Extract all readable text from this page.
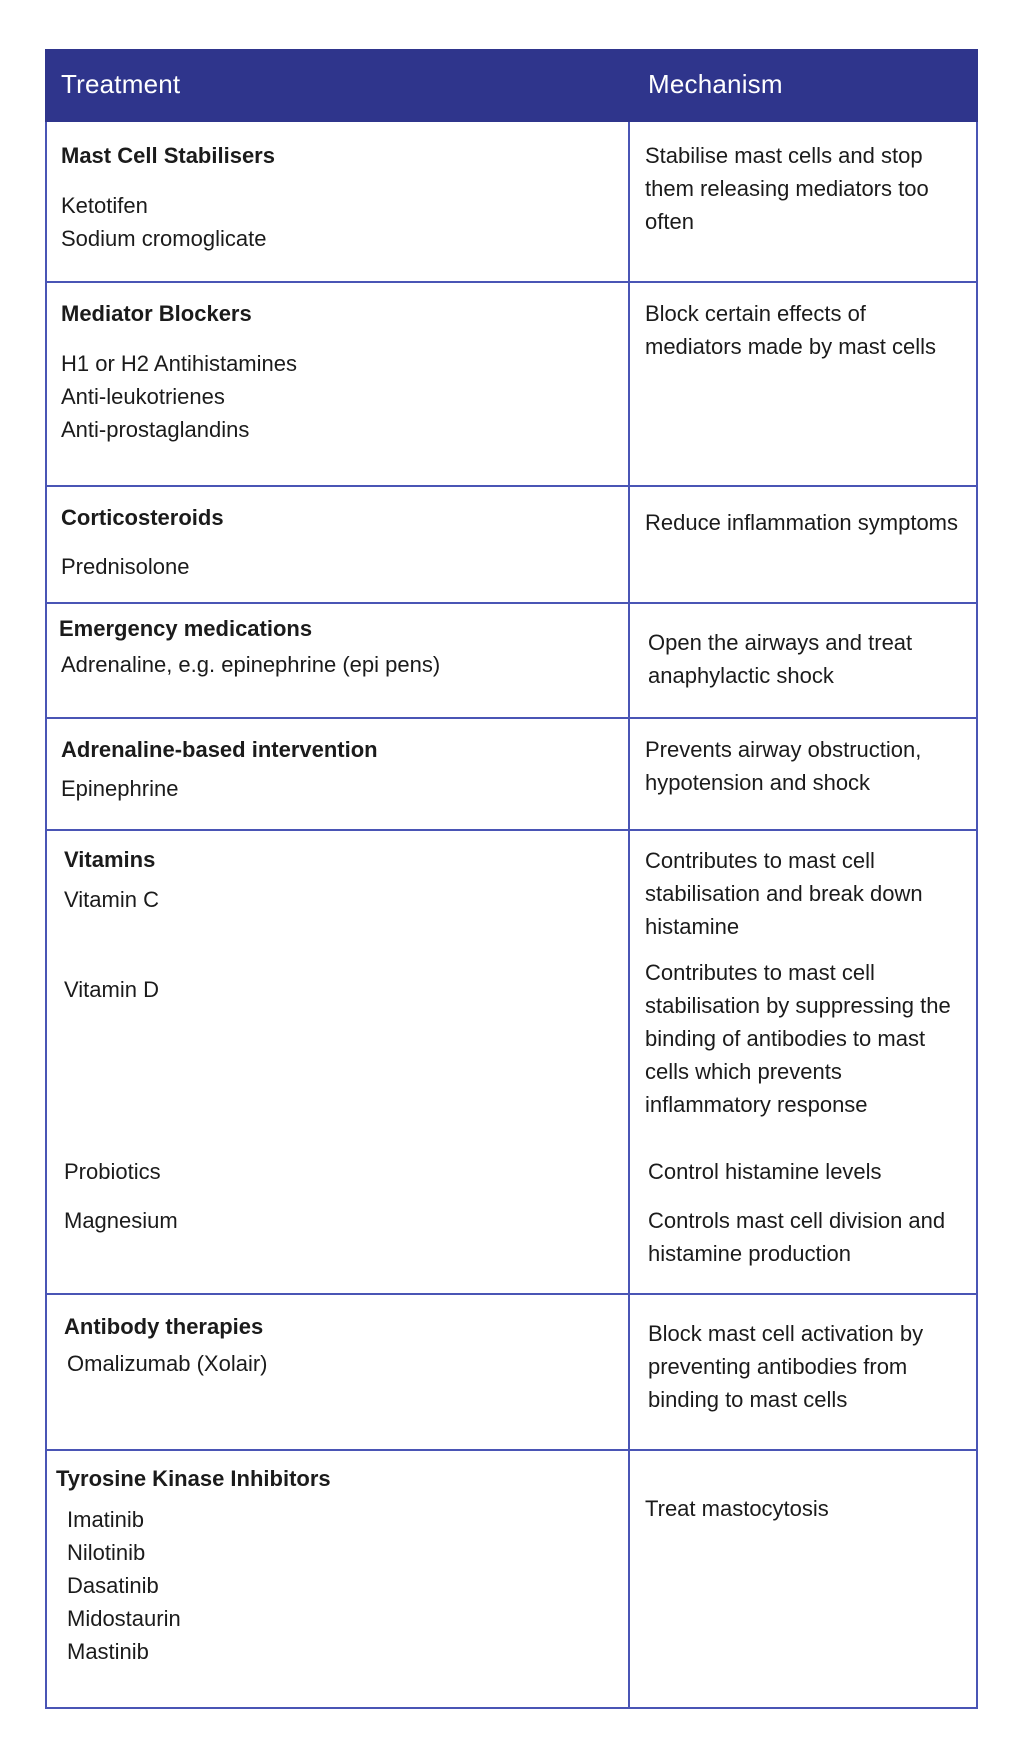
Treatment	Mechanism
Mast Cell Stabilisers
Ketotifen
Sodium cromoglicate
Stabilise mast cells and stop them releasing mediators too often
Mediator Blockers
H1 or H2 Antihistamines
Anti-leukotrienes
Anti-prostaglandins
Block certain effects of mediators made by mast cells
Corticosteroids
Prednisolone
Reduce inflammation symptoms
Emergency medications
Adrenaline, e.g. epinephrine (epi pens)
Open the airways and treat anaphylactic shock
Adrenaline-based intervention
Epinephrine
Prevents airway obstruction, hypotension and shock
Vitamins
Vitamin C
Vitamin D
Probiotics
Magnesium
Contributes to mast cell stabilisation and break down histamine
Contributes to mast cell stabilisation by suppressing the binding of antibodies to mast cells which prevents inflammatory response
Control histamine levels
Controls mast cell division and histamine production
Antibody therapies
Omalizumab (Xolair)
Block mast cell activation by preventing antibodies from binding to mast cells
Tyrosine Kinase Inhibitors
Imatinib
Nilotinib
Dasatinib
Midostaurin
Mastinib
Treat mastocytosis
